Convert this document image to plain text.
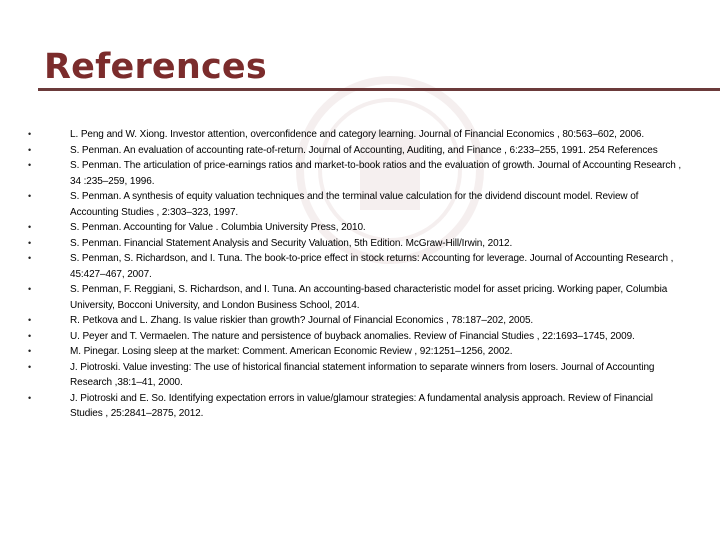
References
•	L. Peng and W. Xiong. Investor attention, overconfidence and category learning. Journal of Financial Economics , 80:563–602, 2006.
•	S. Penman. An evaluation of accounting rate-of-return. Journal of Accounting, Auditing, and Finance , 6:233–255, 1991. 254 References
•	S. Penman. The articulation of price-earnings ratios and market-to-book ratios and the evaluation of growth. Journal of Accounting Research , 34 :235–259, 1996.
•	S. Penman. A synthesis of equity valuation techniques and the terminal value calculation for the dividend discount model. Review of Accounting Studies , 2:303–323, 1997.
•	S. Penman. Accounting for Value . Columbia University Press, 2010.
•	S. Penman. Financial Statement Analysis and Security Valuation, 5th Edition. McGraw-Hill/Irwin, 2012.
•	S. Penman, S. Richardson, and I. Tuna. The book-to-price effect in stock returns: Accounting for leverage. Journal of Accounting Research , 45:427–467, 2007.
•	S. Penman, F. Reggiani, S. Richardson, and I. Tuna. An accounting-based characteristic model for asset pricing. Working paper, Columbia University, Bocconi University, and London Business School, 2014.
•	R. Petkova and L. Zhang. Is value riskier than growth? Journal of Financial Economics , 78:187–202, 2005.
•	U. Peyer and T. Vermaelen. The nature and persistence of buyback anomalies. Review of Financial Studies , 22:1693–1745, 2009.
•	M. Pinegar. Losing sleep at the market: Comment. American Economic Review , 92:1251–1256, 2002.
•	J. Piotroski. Value investing: The use of historical financial statement information to separate winners from losers. Journal of Accounting Research ,38:1–41, 2000.
•	J. Piotroski and E. So. Identifying expectation errors in value/glamour strategies: A fundamental analysis approach. Review of Financial Studies , 25:2841–2875, 2012.
